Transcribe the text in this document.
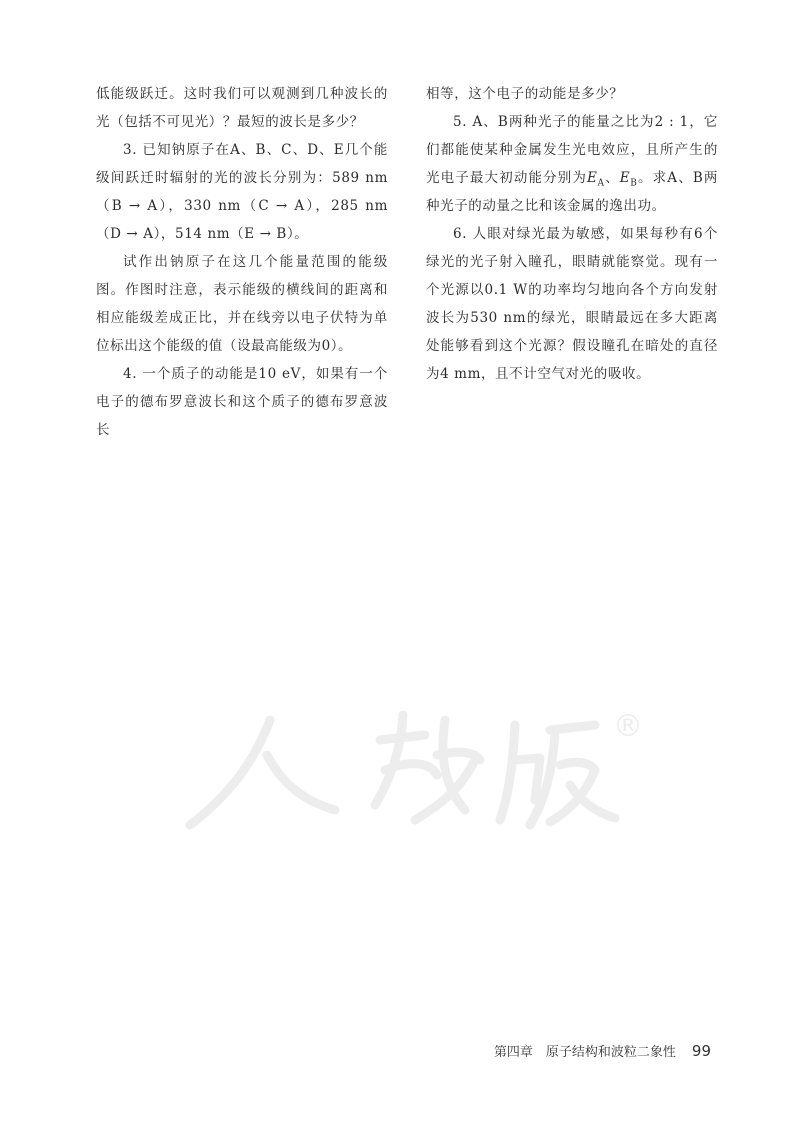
低能级跃迁。这时我们可以观测到几种波长的光（包括不可见光）？最短的波长是多少？

3. 已知钠原子在A、B、C、D、E几个能级间跃迁时辐射的光的波长分别为：589 nm（B → A），330 nm（C → A），285 nm（D → A），514 nm（E → B）。

试作出钠原子在这几个能量范围的能级图。作图时注意，表示能级的横线间的距离和相应能级差成正比，并在线旁以电子伏特为单位标出这个能级的值（设最高能级为0）。

4. 一个质子的动能是10 eV，如果有一个电子的德布罗意波长和这个质子的德布罗意波长

相等，这个电子的动能是多少？

5. A、B两种光子的能量之比为2 : 1，它们都能使某种金属发生光电效应，且所产生的光电子最大初动能分别为$E_A$、$E_B$。求A、B两种光子的动量之比和该金属的逸出功。

6. 人眼对绿光最为敏感，如果每秒有6个绿光的光子射入瞳孔，眼睛就能察觉。现有一个光源以0.1 W的功率均匀地向各个方向发射波长为530 nm的绿光，眼睛最远在多大距离处能够看到这个光源？假设瞳孔在暗处的直径为4 mm，且不计空气对光的吸收。

®
第四章　原子结构和波粒二象性 99
